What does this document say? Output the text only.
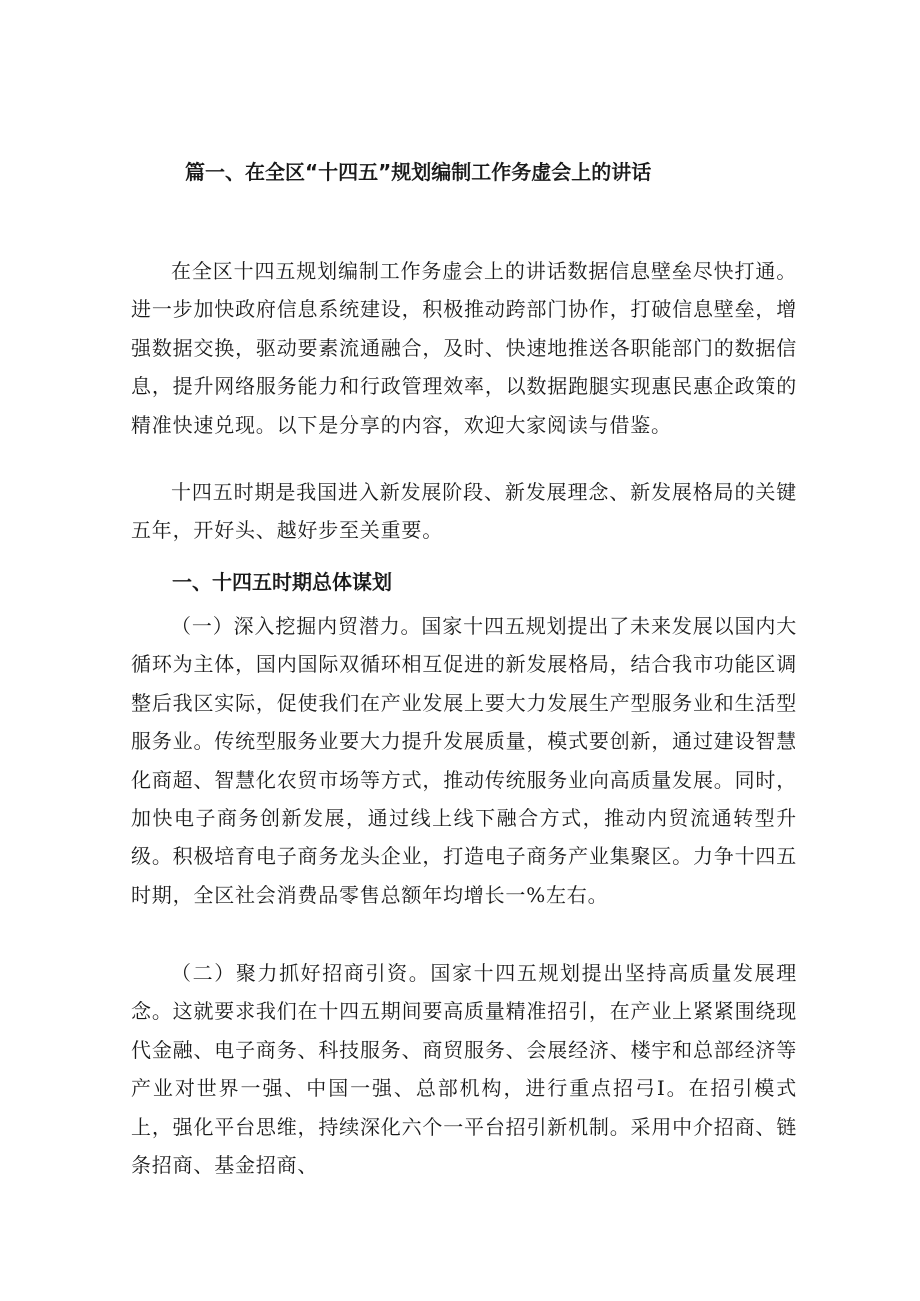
篇一、在全区“十四五”规划编制工作务虚会上的讲话

在全区十四五规划编制工作务虚会上的讲话数据信息壁垒尽快打通。进一步加快政府信息系统建设，积极推动跨部门协作，打破信息壁垒，增强数据交换，驱动要素流通融合，及时、快速地推送各职能部门的数据信息，提升网络服务能力和行政管理效率，以数据跑腿实现惠民惠企政策的精准快速兑现。以下是分享的内容，欢迎大家阅读与借鉴。

十四五时期是我国进入新发展阶段、新发展理念、新发展格局的关键五年，开好头、越好步至关重要。

一、十四五时期总体谋划

（一）深入挖掘内贸潜力。国家十四五规划提出了未来发展以国内大循环为主体，国内国际双循环相互促进的新发展格局，结合我市功能区调整后我区实际，促使我们在产业发展上要大力发展生产型服务业和生活型服务业。传统型服务业要大力提升发展质量，模式要创新，通过建设智慧化商超、智慧化农贸市场等方式，推动传统服务业向高质量发展。同时，加快电子商务创新发展，通过线上线下融合方式，推动内贸流通转型升级。积极培育电子商务龙头企业，打造电子商务产业集聚区。力争十四五时期，全区社会消费品零售总额年均增长一%左右。

（二）聚力抓好招商引资。国家十四五规划提出坚持高质量发展理念。这就要求我们在十四五期间要高质量精准招引，在产业上紧紧围绕现代金融、电子商务、科技服务、商贸服务、会展经济、楼宇和总部经济等产业对世界一强、中国一强、总部机构，进行重点招弓I。在招引模式上，强化平台思维，持续深化六个一平台招引新机制。采用中介招商、链条招商、基金招商、
